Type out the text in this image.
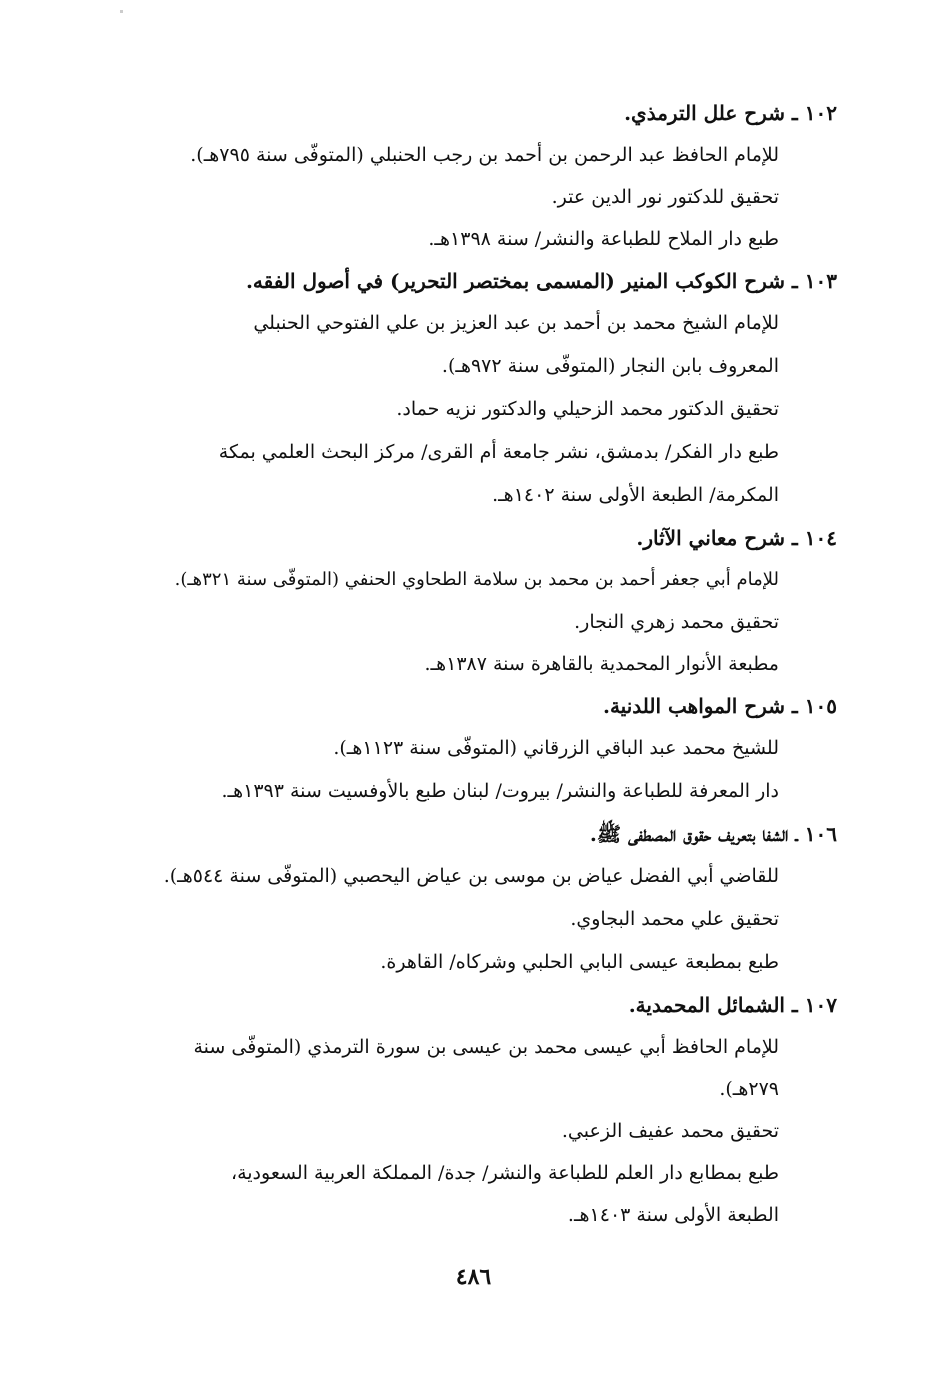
١٠٢ ـ شرح علل الترمذي.
للإمام الحافظ عبد الرحمن بن أحمد بن رجب الحنبلي (المتوفّى سنة ٧٩٥هـ).
تحقيق للدكتور نور الدين عتر.
طبع دار الملاح للطباعة والنشر/ سنة ١٣٩٨هـ.
١٠٣ ـ شرح الكوكب المنير (المسمى بمختصر التحرير) في أصول الفقه.
للإمام الشيخ محمد بن أحمد بن عبد العزيز بن علي الفتوحي الحنبلي
المعروف بابن النجار (المتوفّى سنة ٩٧٢هـ).
تحقيق الدكتور محمد الزحيلي والدكتور نزيه حماد.
طبع دار الفكر/ بدمشق، نشر جامعة أم القرى/ مركز البحث العلمي بمكة
المكرمة/ الطبعة الأولى سنة ١٤٠٢هـ.
١٠٤ ـ شرح معاني الآثار.
للإمام أبي جعفر أحمد بن محمد بن سلامة الطحاوي الحنفي (المتوفّى سنة ٣٢١هـ).
تحقيق محمد زهري النجار.
مطبعة الأنوار المحمدية بالقاهرة سنة ١٣٨٧هـ.
١٠٥ ـ شرح المواهب اللدنية.
للشيخ محمد عبد الباقي الزرقاني (المتوفّى سنة ١١٢٣هـ).
دار المعرفة للطباعة والنشر/ بيروت/ لبنان طبع بالأوفسيت سنة ١٣٩٣هـ.
١٠٦ ـ الشفا بتعريف حقوق المصطفى ﷺ.
للقاضي أبي الفضل عياض بن موسى بن عياض اليحصبي (المتوفّى سنة ٥٤٤هـ).
تحقيق علي محمد البجاوي.
طبع بمطبعة عيسى البابي الحلبي وشركاه/ القاهرة.
١٠٧ ـ الشمائل المحمدية.
للإمام الحافظ أبي عيسى محمد بن عيسى بن سورة الترمذي (المتوفّى سنة
٢٧٩هـ).
تحقيق محمد عفيف الزعبي.
طبع بمطابع دار العلم للطباعة والنشر/ جدة/ المملكة العربية السعودية،
الطبعة الأولى سنة ١٤٠٣هـ.
٤٨٦
